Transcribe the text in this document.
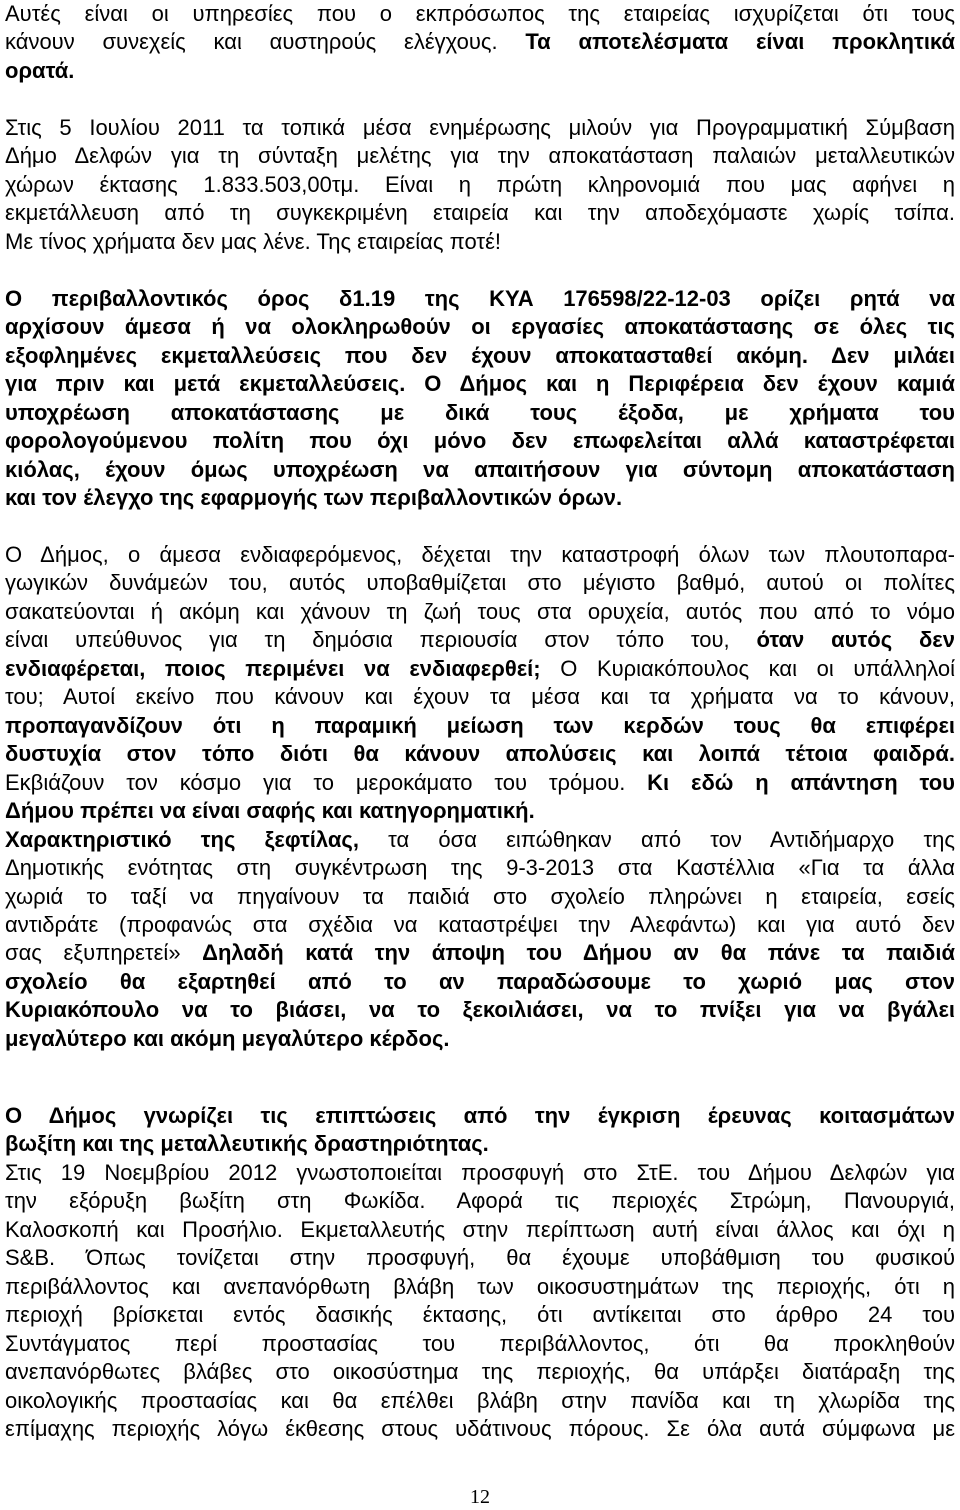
Αυτές είναι οι υπηρεσίες που ο εκπρόσωπος της εταιρείας ισχυρίζεται ότι τους
κάνουν συνεχείς και αυστηρούς ελέγχους. Τα αποτελέσματα είναι προκλητικά
ορατά.
Στις 5 Ιουλίου 2011 τα τοπικά μέσα ενημέρωσης μιλούν για Προγραμματική Σύμβαση
Δήμο Δελφών για τη σύνταξη μελέτης για την αποκατάσταση παλαιών μεταλλευτικών
χώρων έκτασης 1.833.503,00τμ. Είναι η πρώτη κληρονομιά που μας αφήνει η
εκμετάλλευση από τη συγκεκριμένη εταιρεία και την αποδεχόμαστε χωρίς τσίπα.
Με τίνος χρήματα δεν μας λένε. Της εταιρείας ποτέ!
Ο περιβαλλοντικός όρος δ1.19 της ΚΥΑ 176598/22-12-03 ορίζει ρητά να
αρχίσουν άμεσα ή να ολοκληρωθούν οι εργασίες αποκατάστασης σε όλες τις
εξοφλημένες εκμεταλλεύσεις που δεν έχουν αποκατασταθεί ακόμη. Δεν μιλάει
για πριν και μετά εκμεταλλεύσεις. Ο Δήμος και η Περιφέρεια δεν έχουν καμιά
υποχρέωση αποκατάστασης με δικά τους έξοδα, με χρήματα του
φορολογούμενου πολίτη που όχι μόνο δεν επωφελείται αλλά καταστρέφεται
κιόλας, έχουν όμως υποχρέωση να απαιτήσουν για σύντομη αποκατάσταση
και τον έλεγχο της εφαρμογής των περιβαλλοντικών όρων.
Ο Δήμος, ο άμεσα ενδιαφερόμενος, δέχεται την καταστροφή όλων των πλουτοπαρα-
γωγικών δυνάμεών του, αυτός υποβαθμίζεται στο μέγιστο βαθμό, αυτού οι πολίτες
σακατεύονται ή ακόμη και χάνουν τη ζωή τους στα ορυχεία, αυτός που από το νόμο
είναι υπεύθυνος για τη δημόσια περιουσία στον τόπο του, όταν αυτός δεν
ενδιαφέρεται, ποιος περιμένει να ενδιαφερθεί; Ο Κυριακόπουλος και οι υπάλληλοί
του; Αυτοί εκείνο που κάνουν και έχουν τα μέσα και τα χρήματα να το κάνουν,
προπαγανδίζουν ότι η παραμική μείωση των κερδών τους θα επιφέρει
δυστυχία στον τόπο διότι θα κάνουν απολύσεις και λοιπά τέτοια φαιδρά.
Εκβιάζουν τον κόσμο για το μεροκάματο του τρόμου. Κι εδώ η απάντηση του
Δήμου πρέπει να είναι σαφής και κατηγορηματική.
Χαρακτηριστικό της ξεφτίλας, τα όσα ειπώθηκαν από τον Αντιδήμαρχο της
Δημοτικής ενότητας στη συγκέντρωση της 9-3-2013 στα Καστέλλια «Για τα άλλα
χωριά το ταξί να πηγαίνουν τα παιδιά στο σχολείο πληρώνει η εταιρεία, εσείς
αντιδράτε (προφανώς στα σχέδια να καταστρέψει την Αλεφάντω) και για αυτό δεν
σας εξυπηρετεί» Δηλαδή κατά την άποψη του Δήμου αν θα πάνε τα παιδιά
σχολείο θα εξαρτηθεί από το αν παραδώσουμε το χωριό μας στον
Κυριακόπουλο να το βιάσει, να το ξεκοιλιάσει, να το πνίξει για να βγάλει
μεγαλύτερο και ακόμη μεγαλύτερο κέρδος.
Ο Δήμος γνωρίζει τις επιπτώσεις από την έγκριση έρευνας κοιτασμάτων
βωξίτη και της μεταλλευτικής δραστηριότητας.
Στις 19 Νοεμβρίου 2012 γνωστοποιείται προσφυγή στο ΣτΕ. του Δήμου Δελφών για
την εξόρυξη βωξίτη στη Φωκίδα. Αφορά τις περιοχές Στρώμη, Πανουργιά,
Καλοσκοπή και Προσήλιο. Εκμεταλλευτής στην περίπτωση αυτή είναι άλλος και όχι η
S&B. Όπως τονίζεται στην προσφυγή, θα έχουμε υποβάθμιση του φυσικού
περιβάλλοντος και ανεπανόρθωτη βλάβη των οικοσυστημάτων της περιοχής, ότι η
περιοχή βρίσκεται εντός δασικής έκτασης, ότι αντίκειται στο άρθρο 24 του
Συντάγματος περί προστασίας του περιβάλλοντος, ότι θα προκληθούν
ανεπανόρθωτες βλάβες στο οικοσύστημα της περιοχής, θα υπάρξει διατάραξη της
οικολογικής προστασίας και θα επέλθει βλάβη στην πανίδα και τη χλωρίδα της
επίμαχης περιοχής λόγω έκθεσης στους υδάτινους πόρους. Σε όλα αυτά σύμφωνα με
12
